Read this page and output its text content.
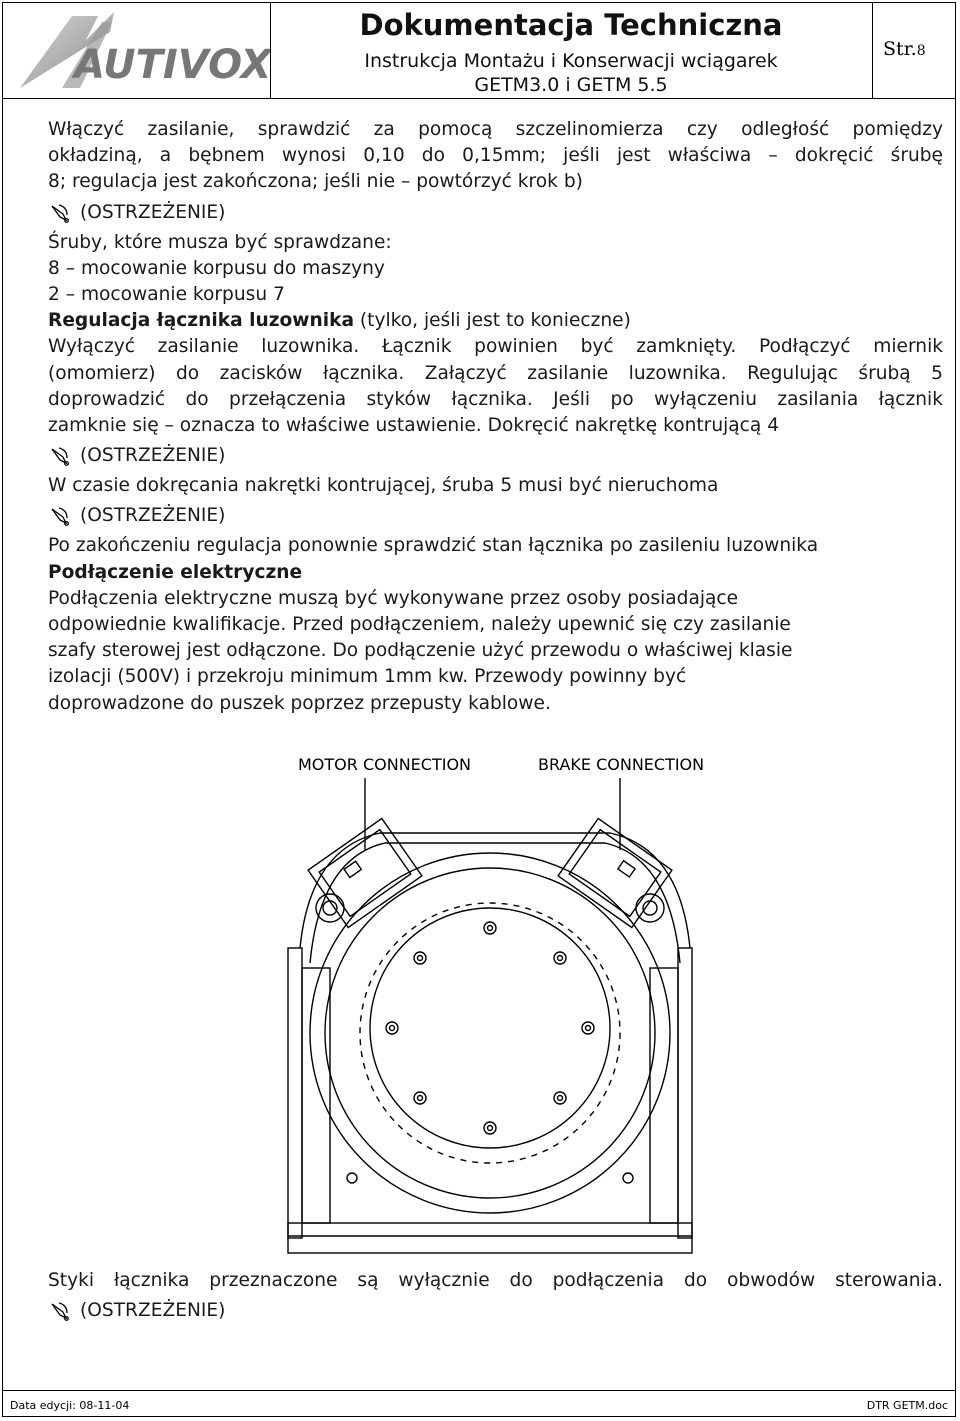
AUTIVOX
Dokumentacja Techniczna
Instrukcja Montażu i Konserwacji wciągarek
GETM3.0 i GETM 5.5
Str.8
Włączyć zasilanie, sprawdzić za pomocą szczelinomierza czy odległość pomiędzy
okładziną, a bębnem wynosi 0,10 do 0,15mm; jeśli jest właściwa – dokręcić śrubę
8; regulacja jest zakończona; jeśli nie – powtórzyć krok b)
(OSTRZEŻENIE)
Śruby, które musza być sprawdzane:
8 – mocowanie korpusu do maszyny
2 – mocowanie korpusu 7
Regulacja łącznika luzownika (tylko, jeśli jest to konieczne)
Wyłączyć zasilanie luzownika. Łącznik powinien być zamknięty. Podłączyć miernik
(omomierz) do zacisków łącznika. Załączyć zasilanie luzownika. Regulując śrubą 5
doprowadzić do przełączenia styków łącznika. Jeśli po wyłączeniu zasilania łącznik
zamknie się – oznacza to właściwe ustawienie. Dokręcić nakrętkę kontrującą 4
(OSTRZEŻENIE)
W czasie dokręcania nakrętki kontrującej, śruba 5 musi być nieruchoma
(OSTRZEŻENIE)
Po zakończeniu regulacja ponownie sprawdzić stan łącznika po zasileniu luzownika
Podłączenie elektryczne
Podłączenia elektryczne muszą być wykonywane przez osoby posiadające
odpowiednie kwalifikacje. Przed podłączeniem, należy upewnić się czy zasilanie
szafy sterowej jest odłączone. Do podłączenie użyć przewodu o właściwej klasie
izolacji (500V) i przekroju minimum 1mm kw. Przewody powinny być
doprowadzone do puszek poprzez przepusty kablowe.
MOTOR CONNECTION	BRAKE CONNECTION
Styki łącznika przeznaczone są wyłącznie do podłączenia do obwodów sterowania.
(OSTRZEŻENIE)
Data edycji: 08-11-04	DTR GETM.doc
